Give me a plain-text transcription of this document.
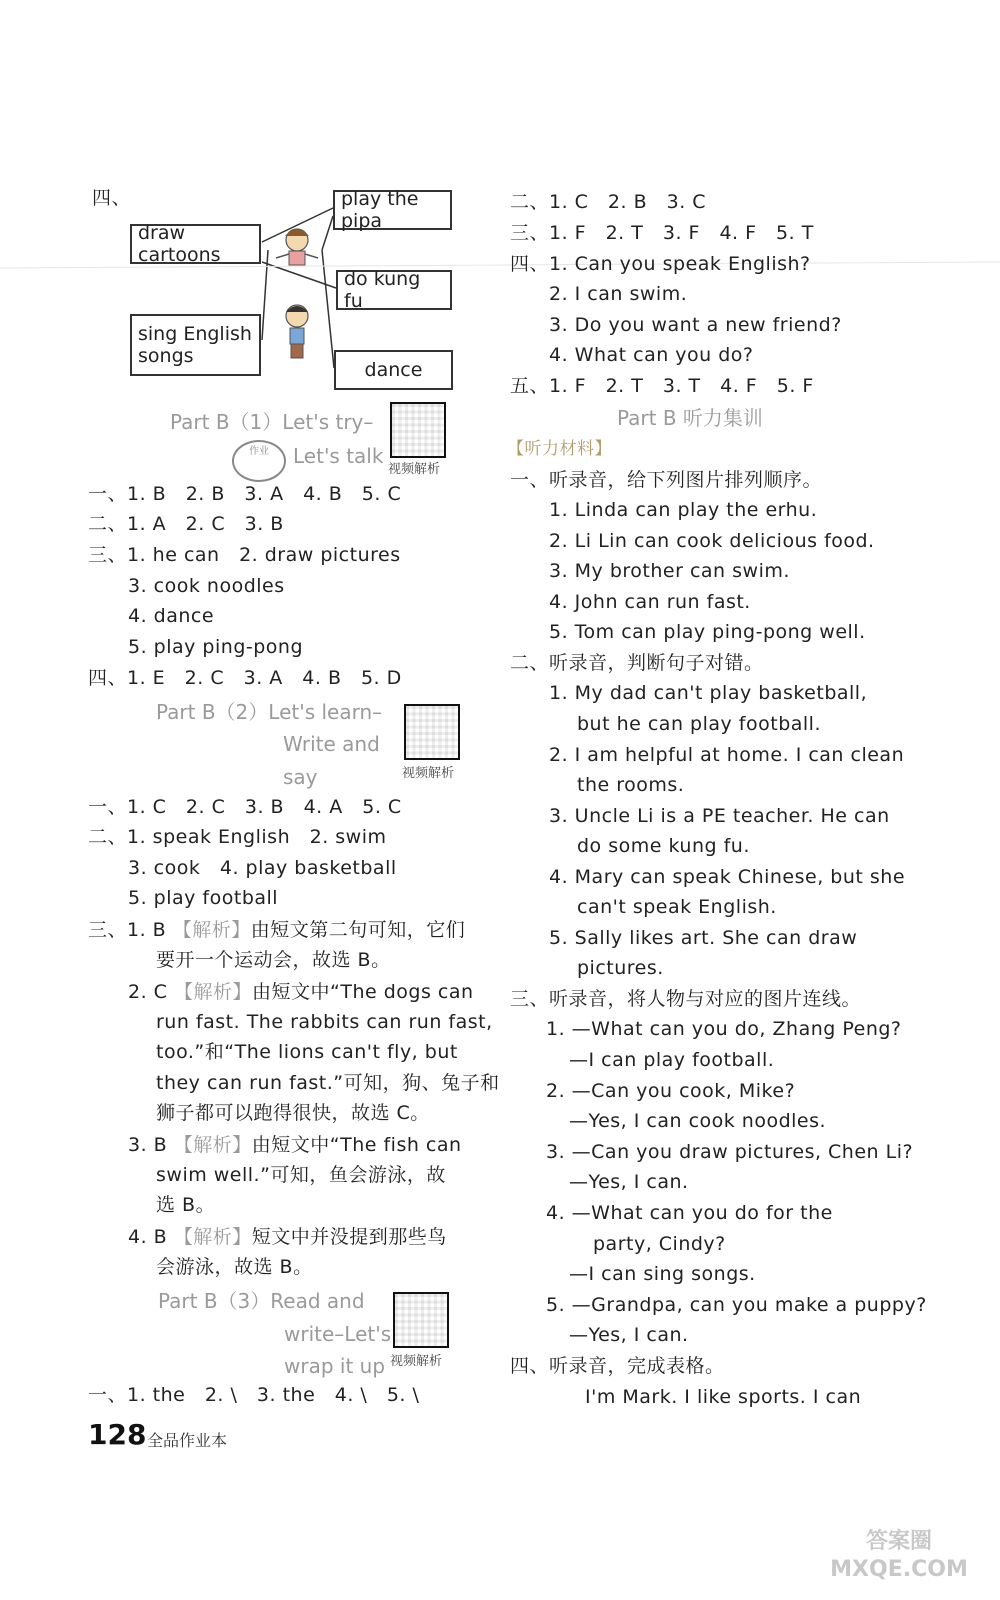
四、
draw cartoons
sing English
songs
play the pipa
do kung fu
dance
Part B（1）Let's try–
Let's talk
作业
视频解析
一、1. B　2. B　3. A　4. B　5. C
二、1. A　2. C　3. B
三、1. he can　2. draw pictures
3. cook noodles
4. dance
5. play ping-pong
四、1. E　2. C　3. A　4. B　5. D
Part B（2）Let's learn–
Write and
say	视频解析
一、1. C　2. C　3. B　4. A　5. C
二、1. speak English　2. swim
3. cook　4. play basketball
5. play football
三、1. B 【解析】由短文第二句可知，它们
要开一个运动会，故选 B。
2. C 【解析】由短文中“The dogs can
run fast. The rabbits can run fast,
too.”和“The lions can't fly, but
they can run fast.”可知，狗、兔子和
狮子都可以跑得很快，故选 C。
3. B 【解析】由短文中“The fish can
swim well.”可知，鱼会游泳，故
选 B。
4. B 【解析】短文中并没提到那些鸟
会游泳，故选 B。
Part B（3）Read and
write–Let's
wrap it up 视频解析
一、1. the　2. \　3. the　4. \　5. \
128 全品作业本
二、1. C　2. B　3. C
三、1. F　2. T　3. F　4. F　5. T
四、1. Can you speak English?
2. I can swim.
3. Do you want a new friend?
4. What can you do?
五、1. F　2. T　3. T　4. F　5. F
Part B 听力集训
【听力材料】
一、听录音，给下列图片排列顺序。
1. Linda can play the erhu.
2. Li Lin can cook delicious food.
3. My brother can swim.
4. John can run fast.
5. Tom can play ping-pong well.
二、听录音，判断句子对错。
1. My dad can't play basketball,
but he can play football.
2. I am helpful at home. I can clean
the rooms.
3. Uncle Li is a PE teacher. He can
do some kung fu.
4. Mary can speak Chinese, but she
can't speak English.
5. Sally likes art. She can draw
pictures.
三、听录音，将人物与对应的图片连线。
1. —What can you do, Zhang Peng?
—I can play football.
2. —Can you cook, Mike?
—Yes, I can cook noodles.
3. —Can you draw pictures, Chen Li?
—Yes, I can.
4. —What can you do for the
party, Cindy?
—I can sing songs.
5. —Grandpa, can you make a puppy?
—Yes, I can.
四、听录音，完成表格。
I'm Mark. I like sports. I can
答案圈
MXQE.COM
